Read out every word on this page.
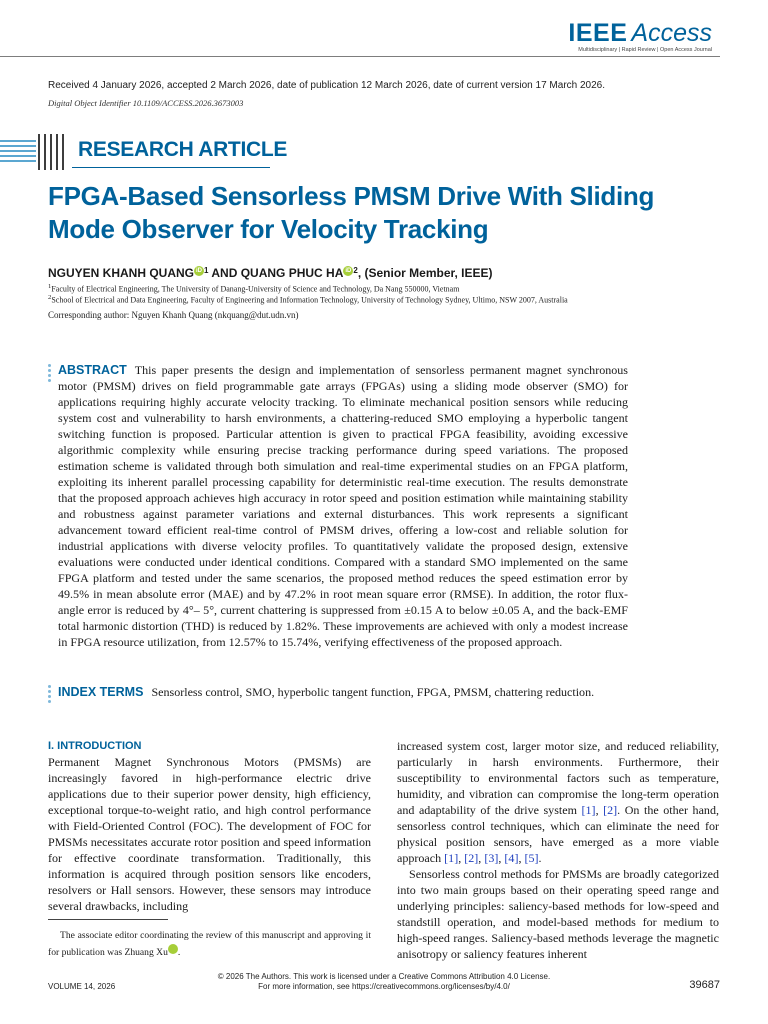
IEEE Access
Multidisciplinary | Rapid Review | Open Access Journal
Received 4 January 2026, accepted 2 March 2026, date of publication 12 March 2026, date of current version 17 March 2026.
Digital Object Identifier 10.1109/ACCESS.2026.3673003
RESEARCH ARTICLE
FPGA-Based Sensorless PMSM Drive With Sliding Mode Observer for Velocity Tracking
NGUYEN KHANH QUANG iD $^1$ AND QUANG PHUC HA iD $^2$, (Senior Member, IEEE)
$^1$Faculty of Electrical Engineering, The University of Danang-University of Science and Technology, Da Nang 550000, Vietnam
$^2$School of Electrical and Data Engineering, Faculty of Engineering and Information Technology, University of Technology Sydney, Ultimo, NSW 2007, Australia
Corresponding author: Nguyen Khanh Quang (nkquang@dut.udn.vn)
ABSTRACT This paper presents the design and implementation of sensorless permanent magnet synchronous motor (PMSM) drives on field programmable gate arrays (FPGAs) using a sliding mode observer (SMO) for applications requiring highly accurate velocity tracking. To eliminate mechanical position sensors while reducing system cost and vulnerability to harsh environments, a chattering-reduced SMO employing a hyperbolic tangent switching function is proposed. Particular attention is given to practical FPGA feasibility, avoiding excessive algorithmic complexity while ensuring precise tracking performance during speed variations. The proposed estimation scheme is validated through both simulation and real-time experimental studies on an FPGA platform, exploiting its inherent parallel processing capability for deterministic real-time execution. The results demonstrate that the proposed approach achieves high accuracy in rotor speed and position estimation while maintaining stability and robustness against parameter variations and external disturbances. This work represents a significant advancement toward efficient real-time control of PMSM drives, offering a low-cost and reliable solution for industrial applications with diverse velocity profiles. To quantitatively validate the proposed design, extensive evaluations were conducted under identical conditions. Compared with a standard SMO implemented on the same FPGA platform and tested under the same scenarios, the proposed method reduces the speed estimation error by 49.5% in mean absolute error (MAE) and by 47.2% in root mean square error (RMSE). In addition, the rotor flux-angle error is reduced by 4°– 5°, current chattering is suppressed from ±0.15 A to below ±0.05 A, and the back-EMF total harmonic distortion (THD) is reduced by 1.82%. These improvements are achieved with only a modest increase in FPGA resource utilization, from 12.57% to 15.74%, verifying effectiveness of the proposed approach.
INDEX TERMS Sensorless control, SMO, hyperbolic tangent function, FPGA, PMSM, chattering reduction.
I. INTRODUCTION
Permanent Magnet Synchronous Motors (PMSMs) are increasingly favored in high-performance electric drive applications due to their superior power density, high efficiency, exceptional torque-to-weight ratio, and high control performance with Field-Oriented Control (FOC). The development of FOC for PMSMs necessitates accurate rotor position and speed information for effective coordinate transformation. Traditionally, this information is acquired through position sensors like encoders, resolvers or Hall sensors. However, these sensors may introduce several drawbacks, including

increased system cost, larger motor size, and reduced reliability, particularly in harsh environments. Furthermore, their susceptibility to environmental factors such as temperature, humidity, and vibration can compromise the long-term operation and adaptability of the drive system [1], [2]. On the other hand, sensorless control techniques, which can eliminate the need for physical position sensors, have emerged as a more viable approach [1], [2], [3], [4], [5].

Sensorless control methods for PMSMs are broadly categorized into two main groups based on their operating speed range and underlying principles: saliency-based methods for low-speed and standstill operation, and model-based methods for medium to high-speed ranges. Saliency-based methods leverage the magnetic anisotropy or saliency features inherent

The associate editor coordinating the review of this manuscript and approving it for publication was Zhuang Xu iD.
© 2026 The Authors. This work is licensed under a Creative Commons Attribution 4.0 License.
For more information, see https://creativecommons.org/licenses/by/4.0/
VOLUME 14, 2026	39687
